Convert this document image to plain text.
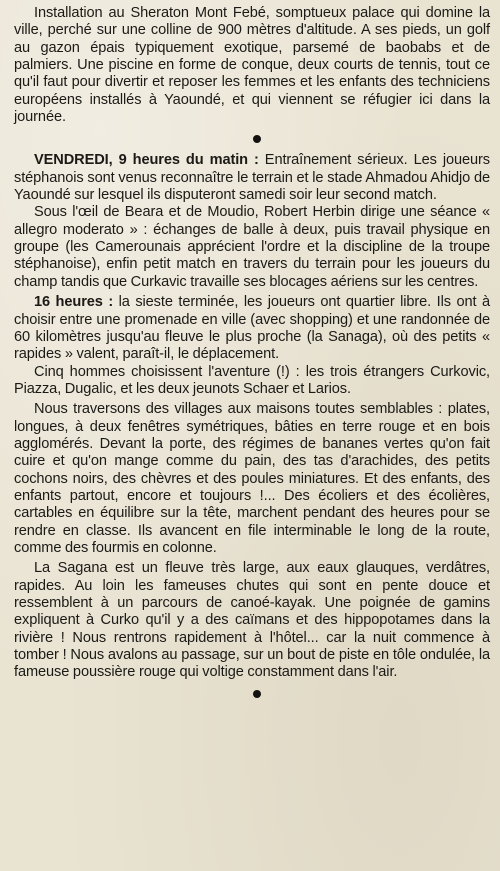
Installation au Sheraton Mont Febé, somptueux palace qui domine la ville, perché sur une colline de 900 mètres d'altitude. A ses pieds, un golf au gazon épais typiquement exotique, parsemé de baobabs et de palmiers. Une piscine en forme de conque, deux courts de tennis, tout ce qu'il faut pour divertir et reposer les femmes et les enfants des techniciens européens installés à Yaoundé, et qui viennent se réfugier ici dans la journée.

VENDREDI, 9 heures du matin : Entraînement sérieux. Les joueurs stéphanois sont venus reconnaître le terrain et le stade Ahmadou Ahidjo de Yaoundé sur lesquel ils disputeront samedi soir leur second match.

Sous l'œil de Beara et de Moudio, Robert Herbin dirige une séance « allegro moderato » : échanges de balle à deux, puis travail physique en groupe (les Camerounais apprécient l'ordre et la discipline de la troupe stéphanoise), enfin petit match en travers du terrain pour les joueurs du champ tandis que Curkavic travaille ses blocages aériens sur les centres.

16 heures : la sieste terminée, les joueurs ont quartier libre. Ils ont à choisir entre une promenade en ville (avec shopping) et une randonnée de 60 kilomètres jusqu'au fleuve le plus proche (la Sanaga), où des petits « rapides » valent, paraît-il, le déplacement.

Cinq hommes choisissent l'aventure (!) : les trois étrangers Curkovic, Piazza, Dugalic, et les deux jeunots Schaer et Larios.

Nous traversons des villages aux maisons toutes semblables : plates, longues, à deux fenêtres symétriques, bâties en terre rouge et en bois agglomérés. Devant la porte, des régimes de bananes vertes qu'on fait cuire et qu'on mange comme du pain, des tas d'arachides, des petits cochons noirs, des chèvres et des poules miniatures. Et des enfants, des enfants partout, encore et toujours !... Des écoliers et des écolières, cartables en équilibre sur la tête, marchent pendant des heures pour se rendre en classe. Ils avancent en file interminable le long de la route, comme des fourmis en colonne.

La Sagana est un fleuve très large, aux eaux glauques, verdâtres, rapides. Au loin les fameuses chutes qui sont en pente douce et ressemblent à un parcours de canoé-kayak. Une poignée de gamins expliquent à Curko qu'il y a des caïmans et des hippopotames dans la rivière ! Nous rentrons rapidement à l'hôtel... car la nuit commence à tomber ! Nous avalons au passage, sur un bout de piste en tôle ondulée, la fameuse poussière rouge qui voltige constamment dans l'air.
